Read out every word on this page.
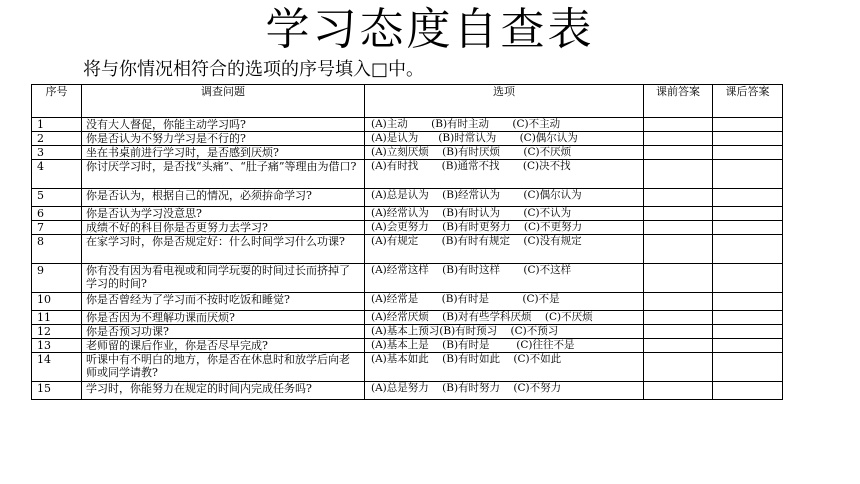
学习态度自查表
将与你情况相符合的选项的序号填入□中。
序号	调查问题	选项	课前答案	课后答案
1	没有大人督促，你能主动学习吗?	(A)主动       (B)有时主动       (C)不主动		
2	你是否认为不努力学习是不行的?	(A)是认为      (B)时常认为       (C)偶尔认为		
3	坐在书桌前进行学习时，是否感到厌烦?	(A)立刻厌烦    (B)有时厌烦       (C)不厌烦		
4	你讨厌学习时，是否找“头痛”、“肚子痛”等理由为借口?	(A)有时找       (B)通常不找       (C)决不找		
5	你是否认为，根据自己的情况，必须拚命学习?	(A)总是认为    (B)经常认为       (C)偶尔认为		
6	你是否认为学习没意思?	(A)经常认为    (B)有时认为       (C)不认为		
7	成绩不好的科目你是否更努力去学习?	(A)会更努力    (B)有时更努力    (C)不更努力		
8	在家学习时，你是否规定好：什么时间学习什么功课?	(A)有规定       (B)有时有规定    (C)没有规定		
9	你有没有因为看电视或和同学玩耍的时间过长而挤掉了学习的时间?	(A)经常这样    (B)有时这样       (C)不这样		
10	你是否曾经为了学习而不按时吃饭和睡觉?	(A)经常是       (B)有时是          (C)不是		
11	你是否因为不理解功课而厌烦?	(A)经常厌烦    (B)对有些学科厌烦    (C)不厌烦		
12	你是否预习功课?	(A)基本上预习(B)有时预习    (C)不预习		
13	老师留的课后作业，你是否尽早完成?	(A)基本上是    (B)有时是        (C)往往不是		
14	听课中有不明白的地方，你是否在休息时和放学后向老师或同学请教?	(A)基本如此    (B)有时如此    (C)不如此		
15	学习时，你能努力在规定的时间内完成任务吗?	(A)总是努力    (B)有时努力    (C)不努力		
